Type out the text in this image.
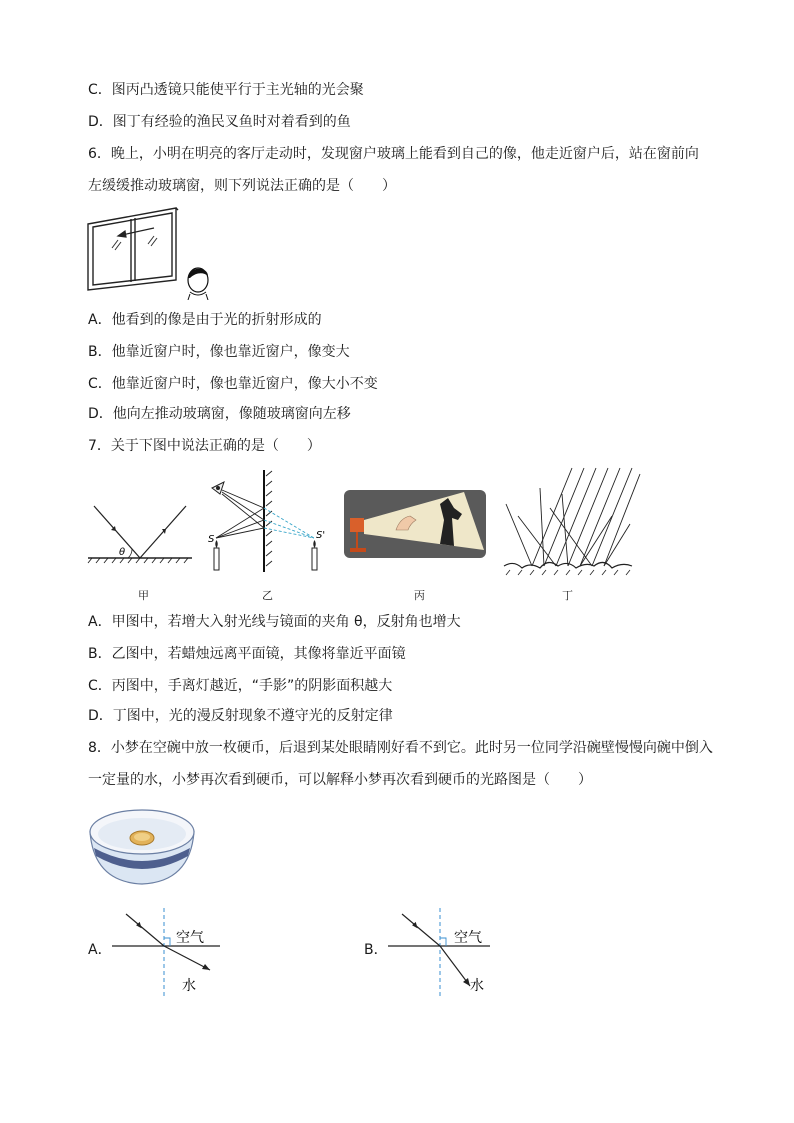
C．图丙凸透镜只能使平行于主光轴的光会聚
D．图丁有经验的渔民叉鱼时对着看到的鱼
6．晚上，小明在明亮的客厅走动时，发现窗户玻璃上能看到自己的像，他走近窗户后，站在窗前向
左缓缓推动玻璃窗，则下列说法正确的是（　　）
A．他看到的像是由于光的折射形成的
B．他靠近窗户时，像也靠近窗户，像变大
C．他靠近窗户时，像也靠近窗户，像大小不变
D．他向左推动玻璃窗，像随玻璃窗向左移
7．关于下图中说法正确的是（　　）
θ
甲
S	S'
乙	丙	丁
A．甲图中，若增大入射光线与镜面的夹角 θ，反射角也增大
B．乙图中，若蜡烛远离平面镜，其像将靠近平面镜
C．丙图中，手离灯越近，“手影”的阴影面积越大
D．丁图中，光的漫反射现象不遵守光的反射定律
8．小梦在空碗中放一枚硬币，后退到某处眼睛刚好看不到它。此时另一位同学沿碗壁慢慢向碗中倒入
一定量的水，小梦再次看到硬币，可以解释小梦再次看到硬币的光路图是（　　）
A．
空气
水
B．
空气
水
